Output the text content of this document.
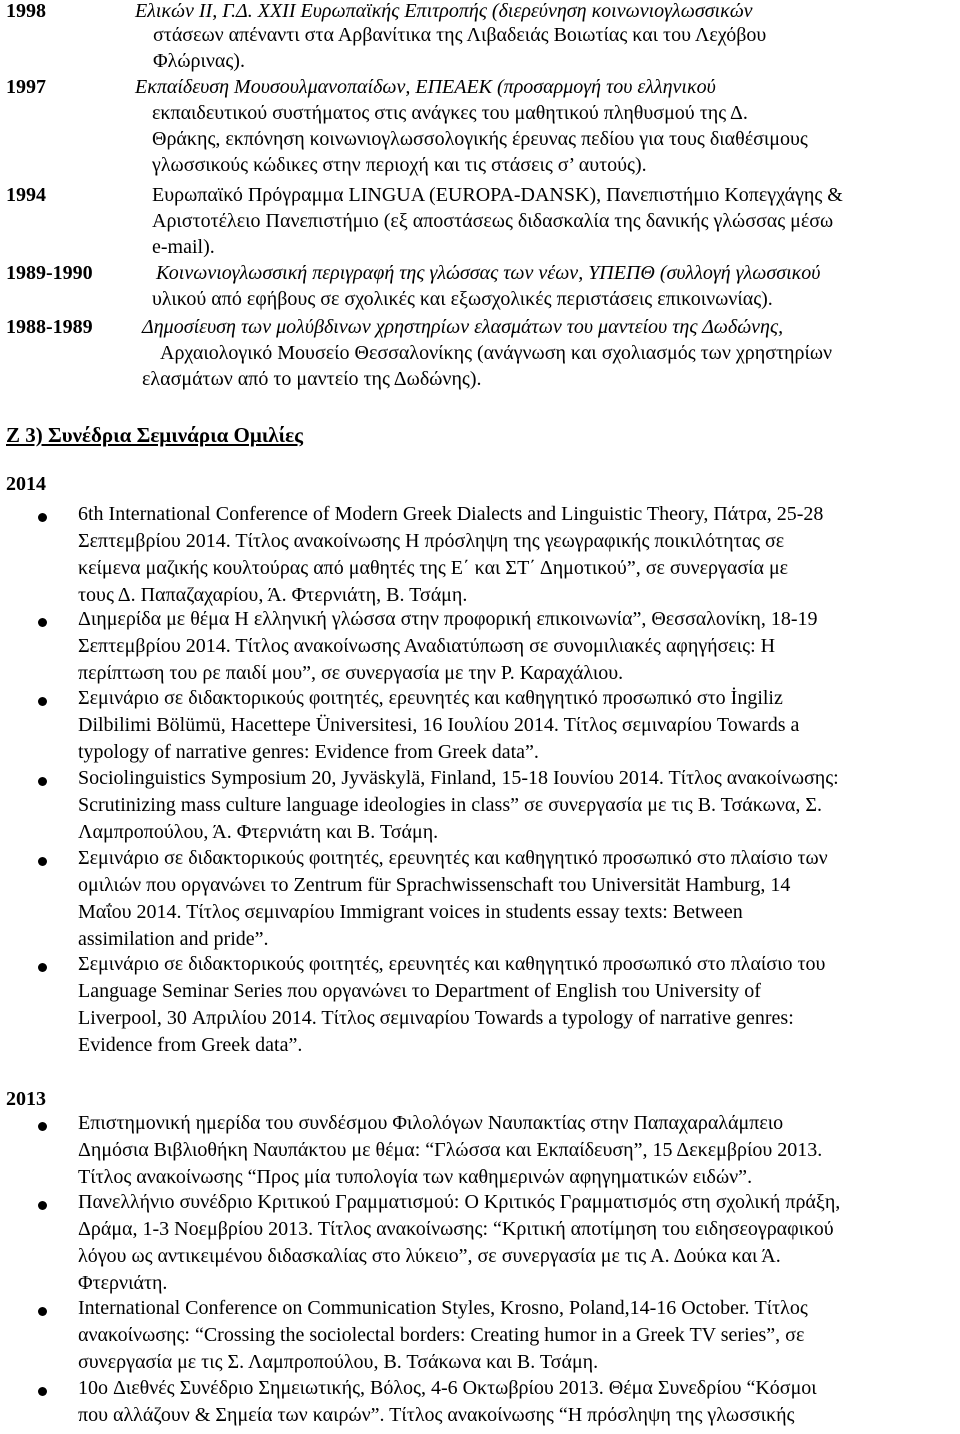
1998	Ελικών ΙΙ, Γ.Δ. XXII Ευρωπαϊκής Επιτροπής (διερεύνηση κοινωνιογλωσσικών
στάσεων απέναντι στα Αρβανίτικα της Λιβαδειάς Βοιωτίας και του Λεχόβου
Φλώρινας).
1997	Εκπαίδευση Μουσουλμανοπαίδων, ΕΠΕΑΕΚ (προσαρμογή του ελληνικού
εκπαιδευτικού συστήματος στις ανάγκες του μαθητικού πληθυσμού της Δ.
Θράκης, εκπόνηση κοινωνιογλωσσολογικής έρευνας πεδίου για τους διαθέσιμους
γλωσσικούς κώδικες στην περιοχή και τις στάσεις σ’ αυτούς).
1994	Ευρωπαϊκό Πρόγραμμα LINGUA (EUROPA-DANSK), Πανεπιστήμιο Κοπεγχάγης &
Αριστοτέλειο Πανεπιστήμιο (εξ αποστάσεως διδασκαλία της δανικής γλώσσας μέσω
e-mail).
1989-1990	Κοινωνιογλωσσική περιγραφή της γλώσσας των νέων, ΥΠΕΠΘ (συλλογή γλωσσικού
υλικού από εφήβους σε σχολικές και εξωσχολικές περιστάσεις επικοινωνίας).
1988-1989 Δημοσίευση των μολύβδινων χρηστηρίων ελασμάτων του μαντείου της Δωδώνης,
Αρχαιολογικό Μουσείο Θεσσαλονίκης (ανάγνωση και σχολιασμός των χρηστηρίων
ελασμάτων από το μαντείο της Δωδώνης).
Ζ 3) Συνέδρια Σεμινάρια Ομιλίες
2014
6th International Conference of Modern Greek Dialects and Linguistic Theory, Πάτρα, 25-28
Σεπτεμβρίου 2014. Τίτλος ανακοίνωσης Η πρόσληψη της γεωγραφικής ποικιλότητας σε
κείμενα μαζικής κουλτούρας από μαθητές της Ε΄ και ΣΤ΄ Δημοτικού”, σε συνεργασία με
τους Δ. Παπαζαχαρίου, Ά. Φτερνιάτη, Β. Τσάμη.
Διημερίδα με θέμα Η ελληνική γλώσσα στην προφορική επικοινωνία”, Θεσσαλονίκη, 18-19
Σεπτεμβρίου 2014. Τίτλος ανακοίνωσης Αναδιατύπωση σε συνομιλιακές αφηγήσεις: Η
περίπτωση του ρε παιδί μου”, σε συνεργασία με την Ρ. Καραχάλιου.
Σεμινάριο σε διδακτορικούς φοιτητές, ερευνητές και καθηγητικό προσωπικό στο İngiliz
Dilbilimi Bölümü, Hacettepe Üniversitesi, 16 Ιουλίου 2014. Τίτλος σεμιναρίου Towards a
typology of narrative genres: Evidence from Greek data”.
Sociolinguistics Symposium 20, Jyväskylä, Finland, 15-18 Ιουνίου 2014. Τίτλος ανακοίνωσης:
Scrutinizing mass culture language ideologies in class” σε συνεργασία με τις Β. Τσάκωνα, Σ.
Λαμπροπούλου, Ά. Φτερνιάτη και Β. Τσάμη.
Σεμινάριο σε διδακτορικούς φοιτητές, ερευνητές και καθηγητικό προσωπικό στο πλαίσιο των
ομιλιών που οργανώνει το Zentrum für Sprachwissenschaft του Universität Hamburg, 14
Μαΐου 2014. Τίτλος σεμιναρίου Immigrant voices in students essay texts: Between
assimilation and pride”.
Σεμινάριο σε διδακτορικούς φοιτητές, ερευνητές και καθηγητικό προσωπικό στο πλαίσιο του
Language Seminar Series που οργανώνει το Department of English του University of
Liverpool, 30 Απριλίου 2014. Τίτλος σεμιναρίου Towards a typology of narrative genres:
Evidence from Greek data”.
2013
Επιστημονική ημερίδα του συνδέσμου Φιλολόγων Ναυπακτίας στην Παπαχαραλάμπειο
Δημόσια Βιβλιοθήκη Ναυπάκτου με θέμα: “Γλώσσα και Εκπαίδευση”, 15 Δεκεμβρίου 2013.
Τίτλος ανακοίνωσης “Προς μία τυπολογία των καθημερινών αφηγηματικών ειδών”.
Πανελλήνιο συνέδριο Κριτικού Γραμματισμού: Ο Κριτικός Γραμματισμός στη σχολική πράξη,
Δράμα, 1-3 Νοεμβρίου 2013. Τίτλος ανακοίνωσης: “Κριτική αποτίμηση του ειδησεογραφικού
λόγου ως αντικειμένου διδασκαλίας στο λύκειο”, σε συνεργασία με τις Α. Δούκα και Ά.
Φτερνιάτη.
International Conference on Communication Styles, Krosno, Poland,14-16 October. Τίτλος
ανακοίνωσης: “Crossing the sociolectal borders: Creating humor in a Greek TV series”, σε
συνεργασία με τις Σ. Λαμπροπούλου, Β. Τσάκωνα και Β. Τσάμη.
10o Διεθνές Συνέδριο Σημειωτικής, Βόλος, 4-6 Οκτωβρίου 2013. Θέμα Συνεδρίου “Κόσμοι
που αλλάζουν & Σημεία των καιρών”. Τίτλος ανακοίνωσης “Η πρόσληψη της γλωσσικής
